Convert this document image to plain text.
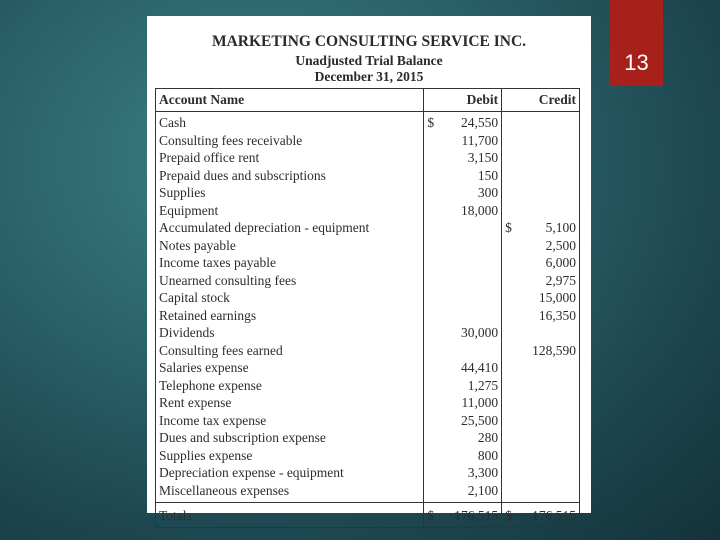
13
MARKETING CONSULTING SERVICE INC.
Unadjusted Trial Balance
December 31, 2015
Account Name	Debit	Credit
Cash	$ 24,550	

Consulting fees receivable	11,700	

Prepaid office rent	3,150	

Prepaid dues and subscriptions	150	

Supplies	300	

Equipment	18,000	

Accumulated depreciation - equipment		$ 5,100

Notes payable		2,500

Income taxes payable		6,000

Unearned consulting fees		2,975

Capital stock		15,000

Retained earnings		16,350

Dividends	30,000	

Consulting fees earned		128,590

Salaries expense	44,410	

Telephone expense	1,275	

Rent expense	11,000	

Income tax expense	25,500	

Dues and subscription expense	280	

Supplies expense	800	

Depreciation expense - equipment	3,300	

Miscellaneous expenses	2,100	

Totals	$ 176,515	$ 176,515
